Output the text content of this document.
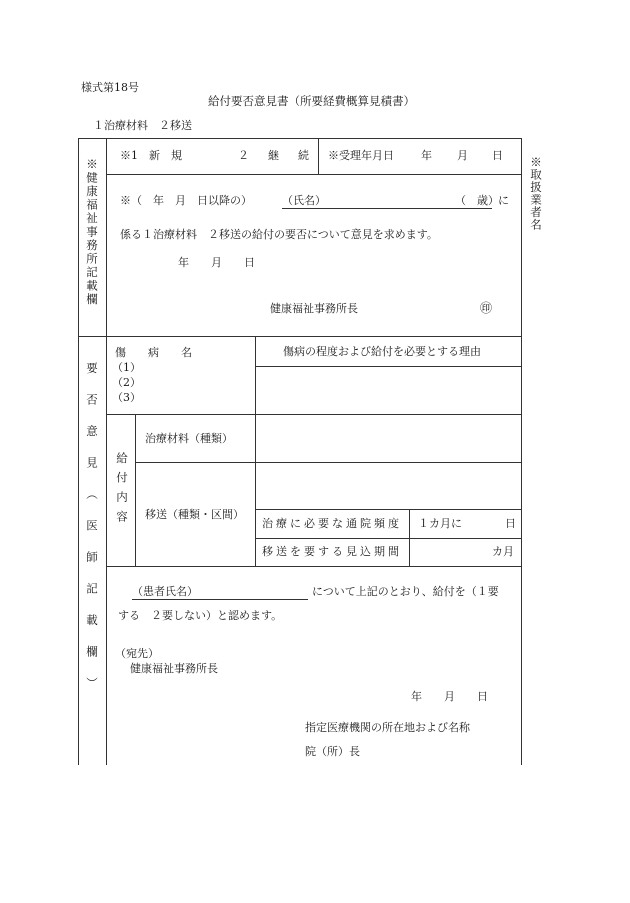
様式第18号
給付要否意見書（所要経費概算見積書）
１治療材料　２移送
※健康福祉事務所記載欄
要否意見（医師記載欄）
※取扱業者名
※1　新　規	２　継　続 ※受理年月日 年 月 日
※（　年　月　日以降の）	（氏名）	（　歳） に
係る１治療材料　２移送の給付の要否について意見を求めます。
年　　月　　日
健康福祉事務所長	㊞
傷　　病　　名
（1）
（2）
（3）
傷病の程度および給付を必要とする理由
給付内容
治療材料（種類）
移送（種類・区間）
治療に必要な通院頻度 １カ月に	日
移送を要する見込期間	カ月
（患者氏名）	について上記のとおり、給付を（１要
する　２要しない）と認めます。
（宛先）
健康福祉事務所長
年　　月　　日
指定医療機関の所在地および名称
院（所）長
